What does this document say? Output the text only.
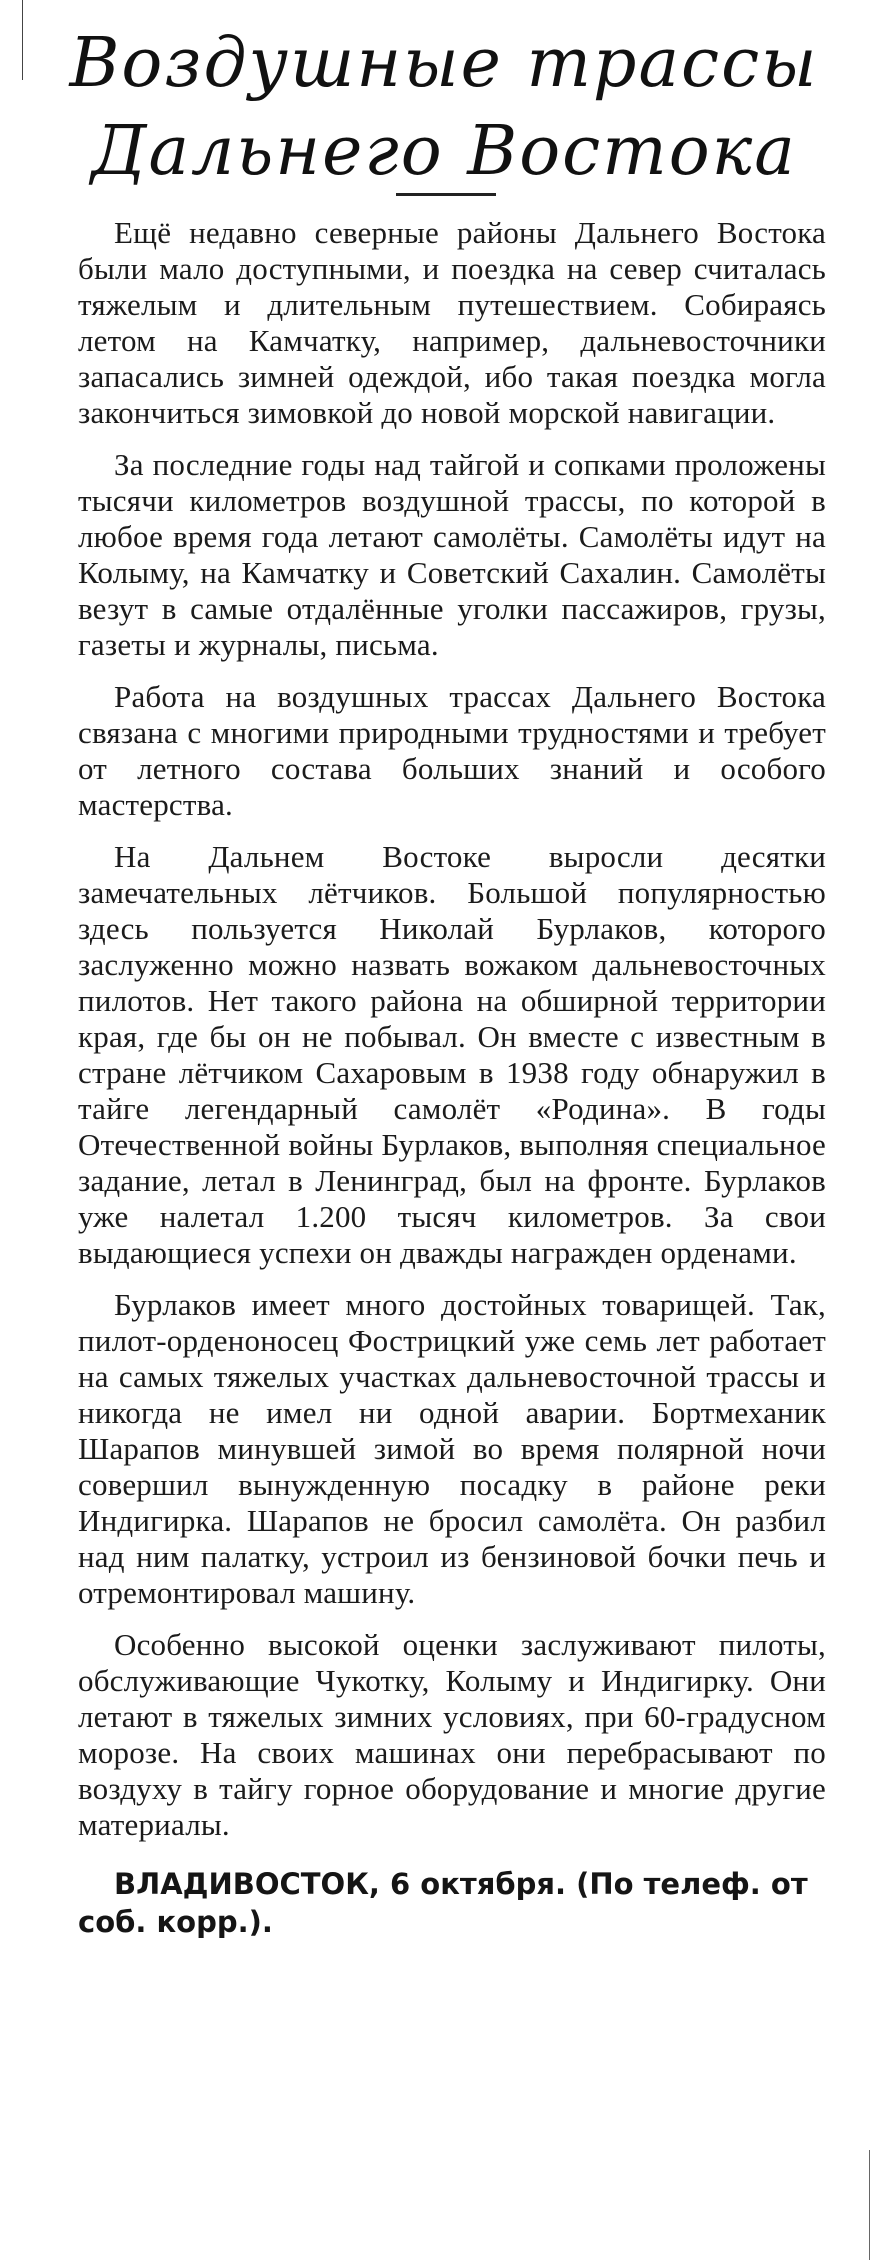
Воздушные трассы
Дальнего Востока

Ещё недавно северные районы Дальнего Востока были мало доступными, и поездка на север считалась тяжелым и длительным путешествием. Собираясь летом на Камчатку, например, дальневосточники запасались зимней одеждой, ибо такая поездка могла закончиться зимовкой до новой морской навигации.

За последние годы над тайгой и сопками проложены тысячи километров воздушной трассы, по которой в любое время года летают самолёты. Самолёты идут на Колыму, на Камчатку и Советский Сахалин. Самолёты везут в самые отдалённые уголки пассажиров, грузы, газеты и журналы, письма.

Работа на воздушных трассах Дальнего Востока связана с многими природными трудностями и требует от летного состава больших знаний и особого мастерства.

На Дальнем Востоке выросли десятки замечательных лётчиков. Большой популярностью здесь пользуется Николай Бурлаков, которого заслуженно можно назвать вожаком дальневосточных пилотов. Нет такого района на обширной территории края, где бы он не побывал. Он вместе с известным в стране лётчиком Сахаровым в 1938 году обнаружил в тайге легендарный самолёт «Родина». В годы Отечественной войны Бурлаков, выполняя специальное задание, летал в Ленинград, был на фронте. Бурлаков уже налетал 1.200 тысяч километров. За свои выдающиеся успехи он дважды награжден орденами.

Бурлаков имеет много достойных товарищей. Так, пилот-орденоносец Фострицкий уже семь лет работает на самых тяжелых участках дальневосточной трассы и никогда не имел ни одной аварии. Бортмеханик Шарапов минувшей зимой во время полярной ночи совершил вынужденную посадку в районе реки Индигирка. Шарапов не бросил самолёта. Он разбил над ним палатку, устроил из бензиновой бочки печь и отремонтировал машину.

Особенно высокой оценки заслуживают пилоты, обслуживающие Чукотку, Колыму и Индигирку. Они летают в тяжелых зимних условиях, при 60-градусном морозе. На своих машинах они перебрасывают по воздуху в тайгу горное оборудование и многие другие материалы.

ВЛАДИВОСТОК, 6 октября. (По телеф. от соб. корр.).
